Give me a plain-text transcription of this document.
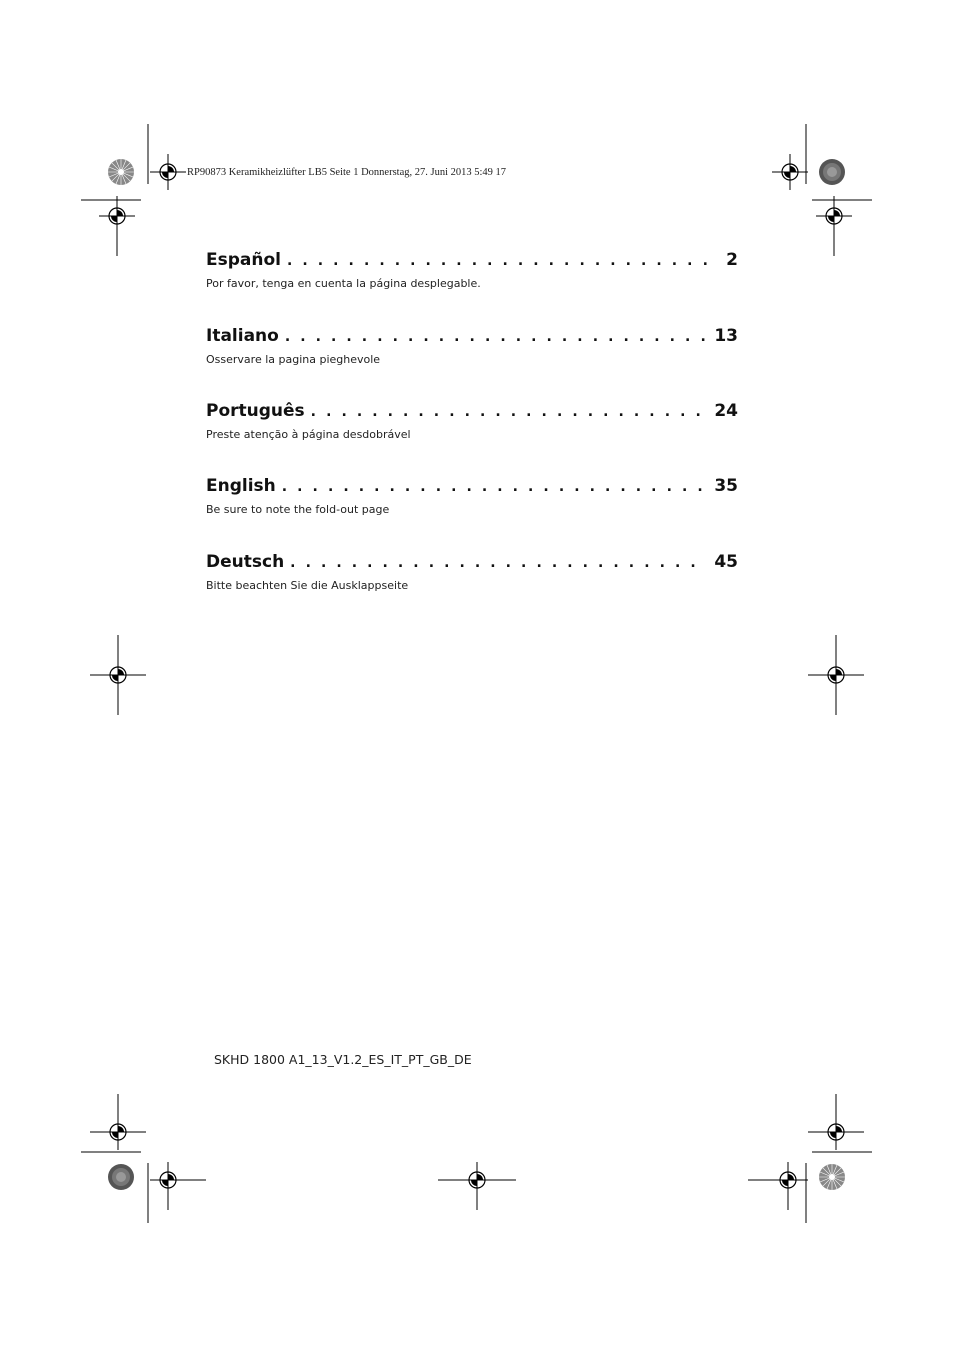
RP90873 Keramikheizlüfter LB5 Seite 1 Donnerstag, 27. Juni 2013 5:49 17
Español . . .	2
Por favor, tenga en cuenta la página desplegable.
Italiano . . .	13
Osservare la pagina pieghevole
Português . . .	24
Preste atenção à página desdobrável
English . . .	35
Be sure to note the fold-out page
Deutsch . . .	45
Bitte beachten Sie die Ausklappseite
SKHD 1800 A1_13_V1.2_ES_IT_PT_GB_DE
